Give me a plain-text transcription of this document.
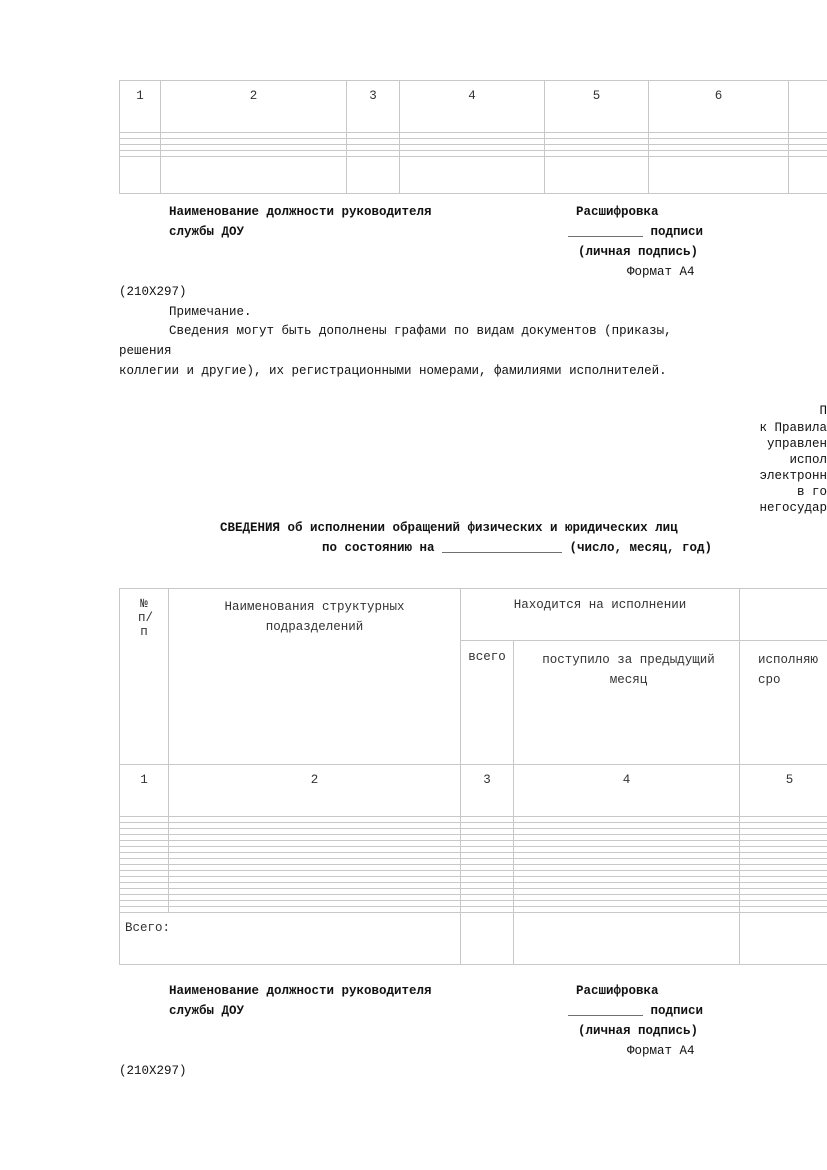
1	2	3	4	5	6	

Наименование должности руководителя
службы ДОУ
Расшифровка
__________ подписи
(личная подпись)
Формат А4
(210X297)
Примечание.
Сведения могут быть дополнены графами по видам документов (приказы,
решения
коллегии и другие), их регистрационными номерами, фамилиями исполнителей.
П
к Правила
управлен
испол
электронн
в го
негосудар
СВЕДЕНИЯ об исполнении обращений физических и юридических лиц
по состоянию на ________________ (число, месяц, год)
№ п/п	Наименования структурных подразделений	Находится на исполнении		
		всего	поступило за предыдущий месяц	исполняю сро
1	2	3	4	5

Всего:				
Наименование должности руководителя
службы ДОУ
Расшифровка
__________ подписи
(личная подпись)
Формат А4
(210X297)
